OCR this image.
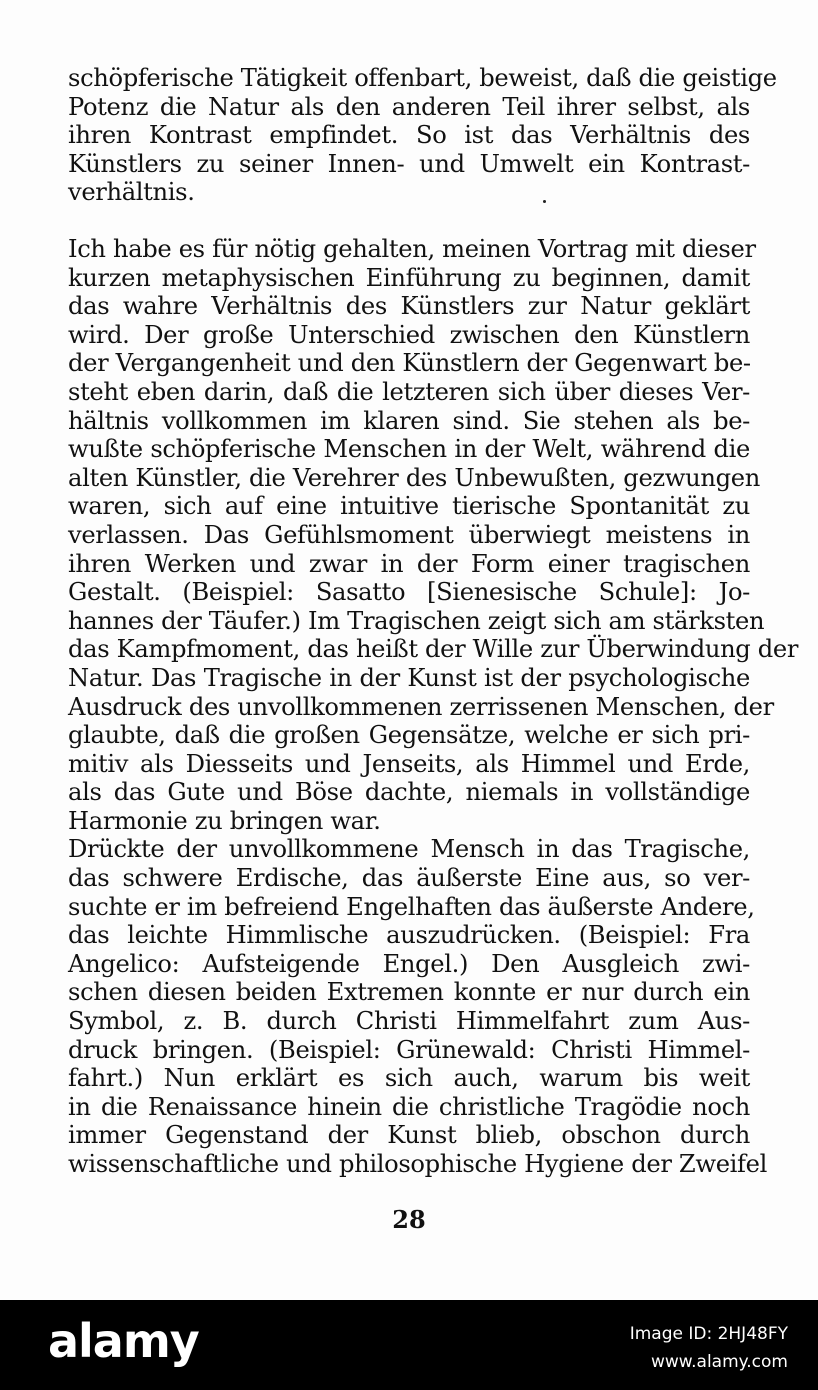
schöpferische Tätigkeit offenbart, beweist, daß die geistige
Potenz die Natur als den anderen Teil ihrer selbst, als
ihren Kontrast empfindet. So ist das Verhältnis des
Künstlers zu seiner Innen- und Umwelt ein Kontrast-
verhältnis.
Ich habe es für nötig gehalten, meinen Vortrag mit dieser
kurzen metaphysischen Einführung zu beginnen, damit
das wahre Verhältnis des Künstlers zur Natur geklärt
wird. Der große Unterschied zwischen den Künstlern
der Vergangenheit und den Künstlern der Gegenwart be-
steht eben darin, daß die letzteren sich über dieses Ver-
hältnis vollkommen im klaren sind. Sie stehen als be-
wußte schöpferische Menschen in der Welt, während die
alten Künstler, die Verehrer des Unbewußten, gezwungen
waren, sich auf eine intuitive tierische Spontanität zu
verlassen. Das Gefühlsmoment überwiegt meistens in
ihren Werken und zwar in der Form einer tragischen
Gestalt. (Beispiel: Sasatto [Sienesische Schule]: Jo-
hannes der Täufer.) Im Tragischen zeigt sich am stärksten
das Kampfmoment, das heißt der Wille zur Überwindung der
Natur. Das Tragische in der Kunst ist der psychologische
Ausdruck des unvollkommenen zerrissenen Menschen, der
glaubte, daß die großen Gegensätze, welche er sich pri-
mitiv als Diesseits und Jenseits, als Himmel und Erde,
als das Gute und Böse dachte, niemals in vollständige
Harmonie zu bringen war.
Drückte der unvollkommene Mensch in das Tragische,
das schwere Erdische, das äußerste Eine aus, so ver-
suchte er im befreiend Engelhaften das äußerste Andere,
das leichte Himmlische auszudrücken. (Beispiel: Fra
Angelico: Aufsteigende Engel.) Den Ausgleich zwi-
schen diesen beiden Extremen konnte er nur durch ein
Symbol, z. B. durch Christi Himmelfahrt zum Aus-
druck bringen. (Beispiel: Grünewald: Christi Himmel-
fahrt.) Nun erklärt es sich auch, warum bis weit
in die Renaissance hinein die christliche Tragödie noch
immer Gegenstand der Kunst blieb, obschon durch
wissenschaftliche und philosophische Hygiene der Zweifel
28
alamy	Image ID: 2HJ48FY
www.alamy.com
